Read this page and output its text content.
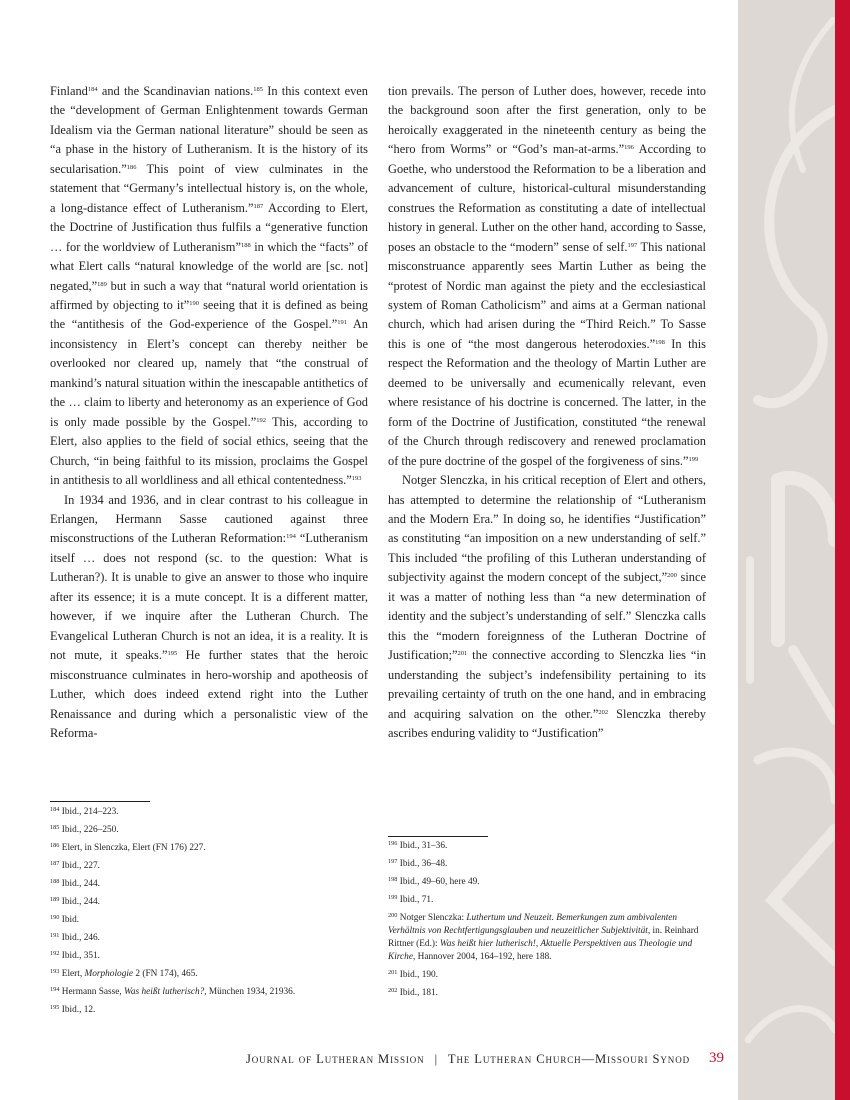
Finland$^{184}$ and the Scandinavian nations.$^{185}$ In this context even the “development of German Enlightenment towards German Idealism via the German national literature” should be seen as “a phase in the history of Lutheranism. It is the history of its secularisation.”$^{186}$ This point of view culminates in the statement that “Germany’s intellectual history is, on the whole, a long-distance effect of Lutheranism.”$^{187}$ According to Elert, the Doctrine of Justification thus fulfils a “generative function … for the worldview of Lutheranism”$^{188}$ in which the “facts” of what Elert calls “natural knowledge of the world are [sc. not] negated,”$^{189}$ but in such a way that “natural world orientation is affirmed by objecting to it”$^{190}$ seeing that it is defined as being the “antithesis of the God-experience of the Gospel.”$^{191}$ An inconsistency in Elert’s concept can thereby neither be overlooked nor cleared up, namely that “the construal of mankind’s natural situation within the inescapable antithetics of the … claim to liberty and heteronomy as an experience of God is only made possible by the Gospel.”$^{192}$ This, according to Elert, also applies to the field of social ethics, seeing that the Church, “in being faithful to its mission, proclaims the Gospel in antithesis to all worldliness and all ethical contentedness.”$^{193}$

In 1934 and 1936, and in clear contrast to his colleague in Erlangen, Hermann Sasse cautioned against three misconstructions of the Lutheran Reformation:$^{194}$ “Lutheranism itself … does not respond (sc. to the question: What is Lutheran?). It is unable to give an answer to those who inquire after its essence; it is a mute concept. It is a different matter, however, if we inquire after the Lutheran Church. The Evangelical Lutheran Church is not an idea, it is a reality. It is not mute, it speaks.”$^{195}$ He further states that the heroic misconstruance culminates in hero-worship and apotheosis of Luther, which does indeed extend right into the Luther Renaissance and during which a personalistic view of the Reforma-

tion prevails. The person of Luther does, however, recede into the background soon after the first generation, only to be heroically exaggerated in the nineteenth century as being the “hero from Worms” or “God’s man-at-arms.”$^{196}$ According to Goethe, who understood the Reformation to be a liberation and advancement of culture, historical-cultural misunderstanding construes the Reformation as constituting a date of intellectual history in general. Luther on the other hand, according to Sasse, poses an obstacle to the “modern” sense of self.$^{197}$ This national misconstruance apparently sees Martin Luther as being the “protest of Nordic man against the piety and the ecclesiastical system of Roman Catholicism” and aims at a German national church, which had arisen during the “Third Reich.” To Sasse this is one of “the most dangerous heterodoxies.”$^{198}$ In this respect the Reformation and the theology of Martin Luther are deemed to be universally and ecumenically relevant, even where resistance of his doctrine is concerned. The latter, in the form of the Doctrine of Justification, constituted “the renewal of the Church through rediscovery and renewed proclamation of the pure doctrine of the gospel of the forgiveness of sins.”$^{199}$

Notger Slenczka, in his critical reception of Elert and others, has attempted to determine the relationship of “Lutheranism and the Modern Era.” In doing so, he identifies “Justification” as constituting “an imposition on a new understanding of self.” This included “the profiling of this Lutheran understanding of subjectivity against the modern concept of the subject,”$^{200}$ since it was a matter of nothing less than “a new determination of identity and the subject’s understanding of self.” Slenczka calls this the “modern foreignness of the Lutheran Doctrine of Justification;”$^{201}$ the connective according to Slenczka lies “in understanding the subject’s indefensibility pertaining to its prevailing certainty of truth on the one hand, and in embracing and acquiring salvation on the other.”$^{202}$ Slenczka thereby ascribes enduring validity to “Justification”

$^{184}$ Ibid., 214–223.
$^{185}$ Ibid., 226–250.
$^{186}$ Elert, in Slenczka, Elert (FN 176) 227.
$^{187}$ Ibid., 227.
$^{188}$ Ibid., 244.
$^{189}$ Ibid., 244.
$^{190}$ Ibid.
$^{191}$ Ibid., 246.
$^{192}$ Ibid., 351.
$^{193}$ Elert, Morphologie 2 (FN 174), 465.
$^{194}$ Hermann Sasse, Was heißt lutherisch?, München 1934, 21936.
$^{195}$ Ibid., 12.
$^{196}$ Ibid., 31–36.
$^{197}$ Ibid., 36–48.
$^{198}$ Ibid., 49–60, here 49.
$^{199}$ Ibid., 71.
$^{200}$ Notger Slenczka: Luthertum und Neuzeit. Bemerkungen zum ambivalenten Verhältnis von Rechtfertigungsglauben und neuzeitlicher Subjektivität, in. Reinhard Rittner (Ed.): Was heißt hier lutherisch!, Aktuelle Perspektiven aus Theologie und Kirche, Hannover 2004, 164–192, here 188.
$^{201}$ Ibid., 190.
$^{202}$ Ibid., 181.
Journal of Lutheran Mission | The Lutheran Church—Missouri Synod	39
